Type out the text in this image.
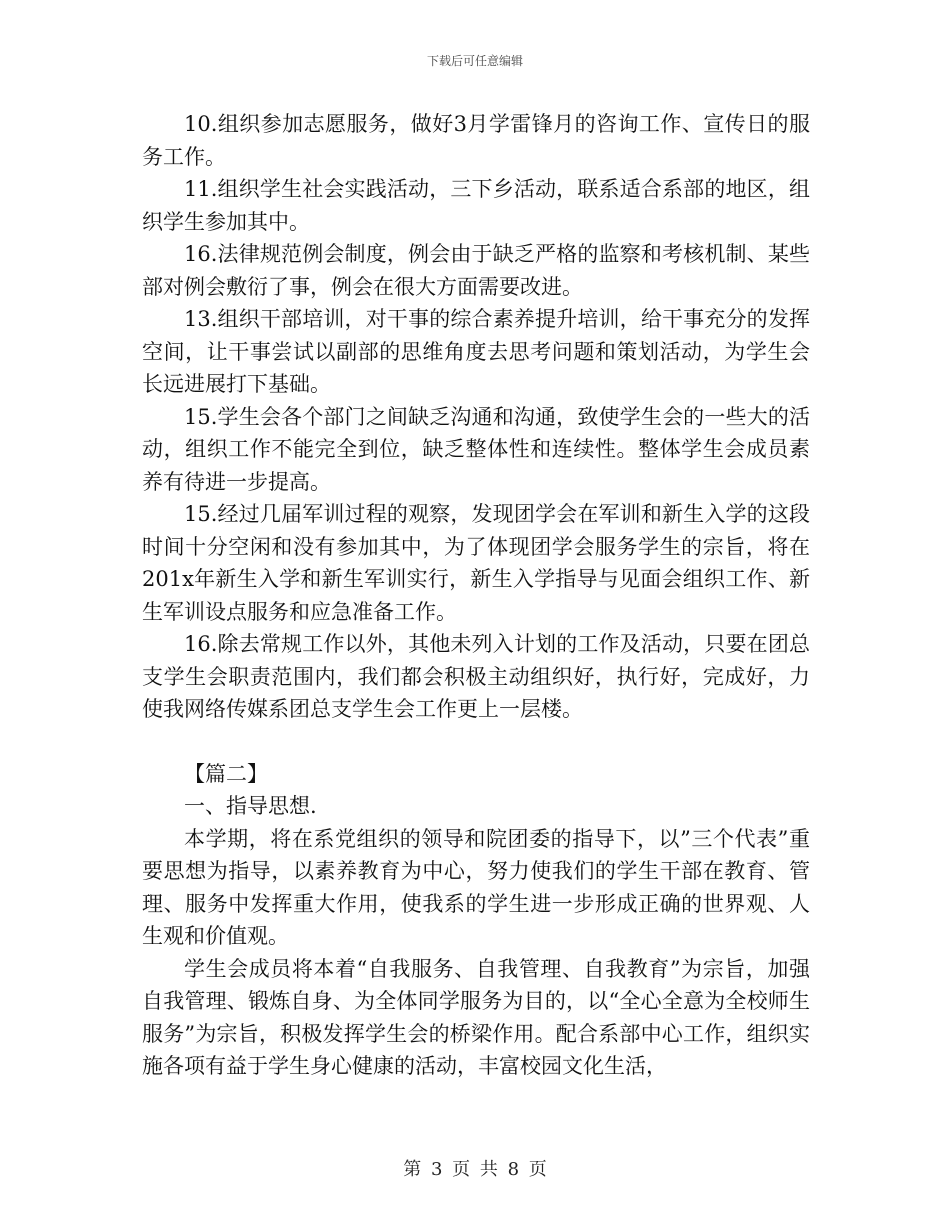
下载后可任意编辑

10.组织参加志愿服务，做好3月学雷锋月的咨询工作、宣传日的服务工作。

11.组织学生社会实践活动，三下乡活动，联系适合系部的地区，组织学生参加其中。

16.法律规范例会制度，例会由于缺乏严格的监察和考核机制、某些部对例会敷衍了事，例会在很大方面需要改进。

13.组织干部培训，对干事的综合素养提升培训，给干事充分的发挥空间，让干事尝试以副部的思维角度去思考问题和策划活动，为学生会长远进展打下基础。

15.学生会各个部门之间缺乏沟通和沟通，致使学生会的一些大的活动，组织工作不能完全到位，缺乏整体性和连续性。整体学生会成员素养有待进一步提高。

15.经过几届军训过程的观察，发现团学会在军训和新生入学的这段时间十分空闲和没有参加其中，为了体现团学会服务学生的宗旨，将在201x年新生入学和新生军训实行，新生入学指导与见面会组织工作、新生军训设点服务和应急准备工作。

16.除去常规工作以外，其他未列入计划的工作及活动，只要在团总支学生会职责范围内，我们都会积极主动组织好，执行好，完成好，力使我网络传媒系团总支学生会工作更上一层楼。

【篇二】

一、指导思想.

本学期，将在系党组织的领导和院团委的指导下，以”三个代表”重要思想为指导，以素养教育为中心，努力使我们的学生干部在教育、管理、服务中发挥重大作用，使我系的学生进一步形成正确的世界观、人生观和价值观。

学生会成员将本着“自我服务、自我管理、自我教育”为宗旨，加强自我管理、锻炼自身、为全体同学服务为目的，以“全心全意为全校师生服务”为宗旨，积极发挥学生会的桥梁作用。配合系部中心工作，组织实施各项有益于学生身心健康的活动，丰富校园文化生活，

第 3 页 共 8 页
